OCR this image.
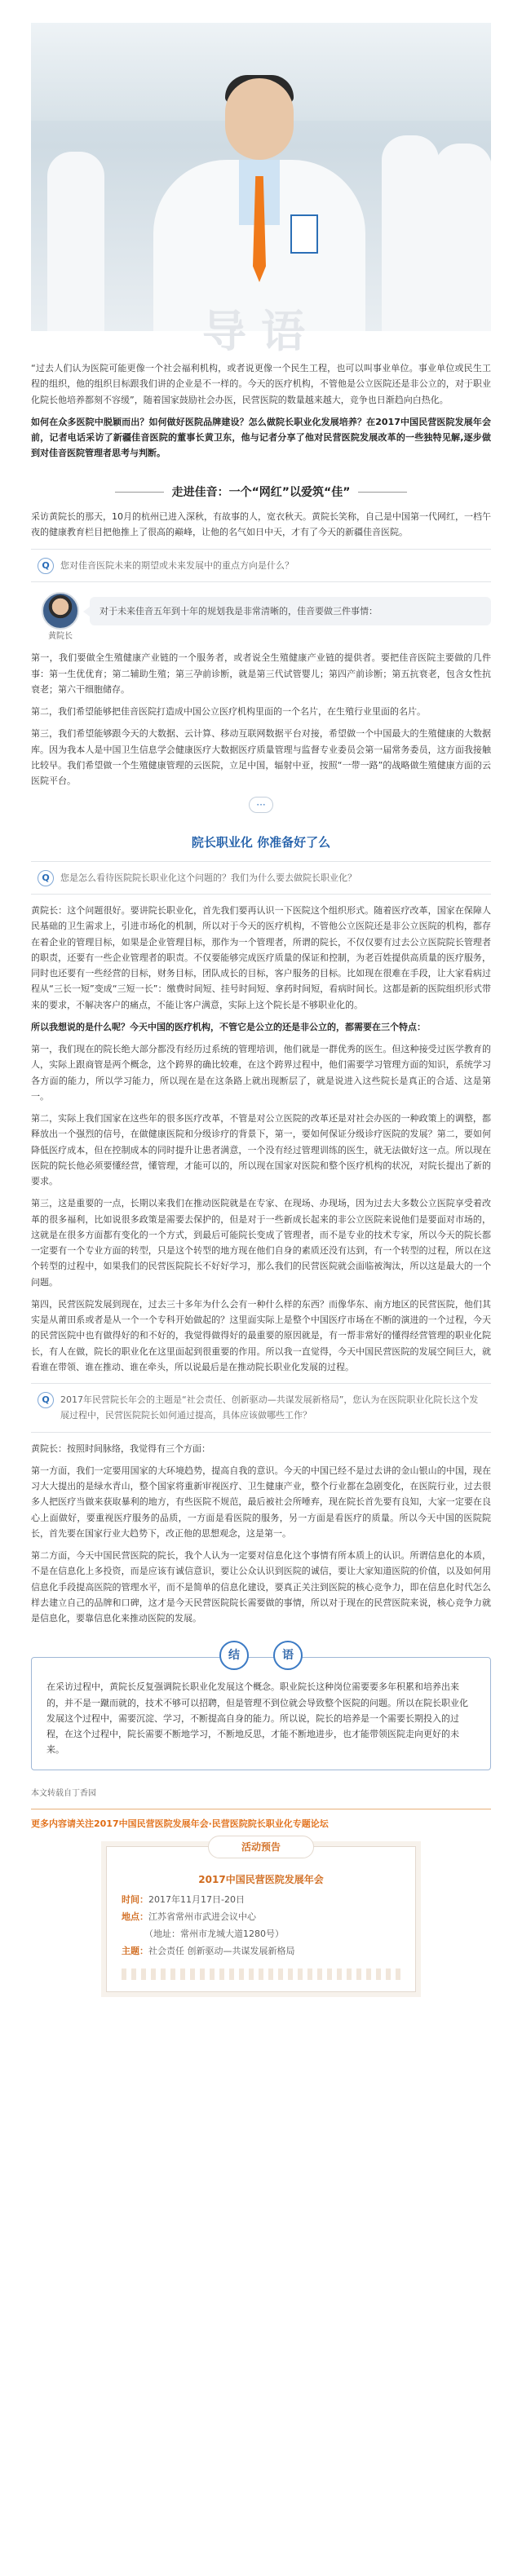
导语

“过去人们认为医院可能更像一个社会福利机构，或者说更像一个民生工程，也可以叫事业单位。事业单位或民生工程的组织，他的组织目标跟我们讲的企业是不一样的。今天的医疗机构，不管他是公立医院还是非公立的，对于职业化院长他培养都刻不容缓”，随着国家鼓励社会办医，民营医院的数量越来越大，竞争也日渐趋向白热化。

如何在众多医院中脱颖而出？如何做好医院品牌建设？怎么做院长职业化发展培养？在2017中国民营医院发展年会前，记者电话采访了新疆佳音医院的董事长黄卫东，他与记者分享了他对民营医院发展改革的一些独特见解,逐步做到对佳音医院管理者思考与判断。

走进佳音：一个“网红”以爱筑“佳”

采访黄院长的那天，10月的杭州已进入深秋，有故事的人，宽衣秋天。黄院长笑称，自己是中国第一代网红，一档午夜的健康教育栏目把他推上了很高的巅峰，让他的名气如日中天，才有了今天的新疆佳音医院。

Q	您对佳音医院未来的期望或未来发展中的重点方向是什么？
黄院长
对于未来佳音五年到十年的规划我是非常清晰的，佳音要做三件事情：

第一，我们要做全生殖健康产业链的一个服务者，或者说全生殖健康产业链的提供者。要把佳音医院主要做的几件事：第一生优优育；第二辅助生殖；第三孕前诊断，就是第三代试管婴儿；第四产前诊断；第五抗衰老，包含女性抗衰老；第六干细胞储存。

第二，我们希望能够把佳音医院打造成中国公立医疗机构里面的一个名片，在生殖行业里面的名片。

第三，我们希望能够跟今天的大数据、云计算、移动互联网数据平台对接，希望做一个中国最大的生殖健康的大数据库。因为我本人是中国卫生信息学会健康医疗大数据医疗质量管理与监督专业委员会第一届常务委员，这方面我接触比较早。我们希望做一个生殖健康管理的云医院，立足中国，辐射中亚，按照“一带一路”的战略做生殖健康方面的云医院平台。

···
院长职业化 你准备好了么
Q	您是怎么看待医院院长职业化这个问题的？我们为什么要去做院长职业化？

黄院长：这个问题很好。要讲院长职业化，首先我们要再认识一下医院这个组织形式。随着医疗改革，国家在保障人民基础的卫生需求上，引进市场化的机制，所以对于今天的医疗机构，不管他公立医院还是非公立医院的机构，都存在着企业的管理目标，如果是企业管理目标，那作为一个管理者，所谓的院长，不仅仅要有过去公立医院院长管理者的职责，还要有一些企业管理者的职责。不仅要能够完成医疗质量的保证和控制，为老百姓提供高质量的医疗服务，同时也还要有一些经营的目标，财务目标，团队成长的目标，客户服务的目标。比如现在很难在手段，让大家看病过程从“三长一短”变成“三短一长”：缴费时间短、挂号时间短、拿药时间短，看病时间长。这都是新的医院组织形式带来的要求，不解决客户的痛点，不能让客户满意，实际上这个院长是不够职业化的。

所以我想说的是什么呢？今天中国的医疗机构，不管它是公立的还是非公立的，都需要在三个特点：

第一，我们现在的院长绝大部分都没有经历过系统的管理培训，他们就是一群优秀的医生。但这种接受过医学教育的人，实际上跟商管是两个概念，这个跨界的确比较难，在这个跨界过程中，他们需要学习管理方面的知识，系统学习各方面的能力，所以学习能力，所以现在是在这条路上就出现断层了，就是说进入这些院长是真正的合适、这是第一。

第二，实际上我们国家在这些年的很多医疗改革，不管是对公立医院的改革还是对社会办医的一种政策上的调整，都释放出一个强烈的信号，在做健康医院和分级诊疗的背景下，第一，要如何保证分级诊疗医院的发展？第二，要如何降低医疗成本，但在控制成本的同时提升让患者满意，一个没有经过管理训练的医生，就无法做好这一点。所以现在医院的院长他必须要懂经营，懂管理，才能可以的，所以现在国家对医院和整个医疗机构的状况，对院长提出了新的要求。

第三，这是重要的一点，长期以来我们在推动医院就是在专家、在现场、办现场，因为过去大多数公立医院享受着改革的很多福利，比如说很多政策是需要去保护的，但是对于一些新成长起来的非公立医院来说他们是要面对市场的，这就是在很多方面都有变化的一个方式，到最后可能院长变成了管理者，而不是专业的技术专家，所以今天的院长都一定要有一个专业方面的转型，只是这个转型的地方现在他们自身的素质还没有达到，有一个转型的过程，所以在这个转型的过程中，如果我们的民营医院院长不好好学习，那么我们的民营医院就会面临被淘汰，所以这是最大的一个问题。

第四，民营医院发展到现在，过去三十多年为什么会有一种什么样的东西？而像华东、南方地区的民营医院，他们其实是从莆田系或者是从一个一个专科开始做起的？这里面实际上是整个中国医疗市场在不断的演进的一个过程，今天的民营医院中也有做得好的和不好的，我觉得做得好的最重要的原因就是，有一帮非常好的懂得经营管理的职业化院长，有人在做，院长的职业化在这里面起到很重要的作用。所以我一直觉得，今天中国民营医院的发展空间巨大，就看谁在带领、谁在推动、谁在牵头，所以说最后是在推动院长职业化发展的过程。

Q	2017年民营院长年会的主题是“社会责任、创新驱动—共谋发展新格局”，您认为在医院职业化院长这个发展过程中，民营医院院长如何通过提高，具体应该做哪些工作？

黄院长：按照时间脉络，我觉得有三个方面：

第一方面，我们一定要用国家的大环境趋势，提高自我的意识。今天的中国已经不是过去讲的金山银山的中国，现在习大大提出的是绿水青山，整个国家将重新审视医疗、卫生健康产业，整个行业都在急剧变化，在医院行业，过去很多人把医疗当做来获取暴利的地方，有些医院不规范，最后被社会所唾弃，现在院长首先要有良知，大家一定要在良心上面做好，要重视医疗服务的品质，一方面是看医院的服务，另一方面是看医疗的质量。所以今天中国的医院院长，首先要在国家行业大趋势下，改正他的思想观念，这是第一。

第二方面，今天中国民营医院的院长，我个人认为一定要对信息化这个事情有所本质上的认识。所谓信息化的本质，不是在信息化上多投资，而是应该有诚信意识，要让公众认识到医院的诚信，要让大家知道医院的价值，以及如何用信息化手段提高医院的管理水平，而不是简单的信息化建设，要真正关注到医院的核心竞争力，即在信息化时代怎么样去建立自己的品牌和口碑，这才是今天民营医院院长需要做的事情，所以对于现在的民营医院来说，核心竞争力就是信息化，要靠信息化来推动医院的发展。

结	语
在采访过程中，黄院长反复强调院长职业化发展这个概念。职业院长这种岗位需要要多年积累和培养出来的，并不是一蹴而就的，技术不够可以招聘，但是管理不到位就会导致整个医院的问题。所以在院长职业化发展这个过程中，需要沉淀、学习，不断提高自身的能力。所以说，院长的培养是一个需要长期投入的过程，在这个过程中，院长需要不断地学习，不断地反思，才能不断地进步，也才能带领医院走向更好的未来。
本文转载自丁香园
更多内容请关注2017中国民营医院发展年会·民营医院院长职业化专题论坛
活动预告
2017中国民营医院发展年会
时间：2017年11月17日-20日
地点：江苏省常州市武进会议中心
（地址：常州市龙城大道1280号）
主题：社会责任 创新驱动—共谋发展新格局
